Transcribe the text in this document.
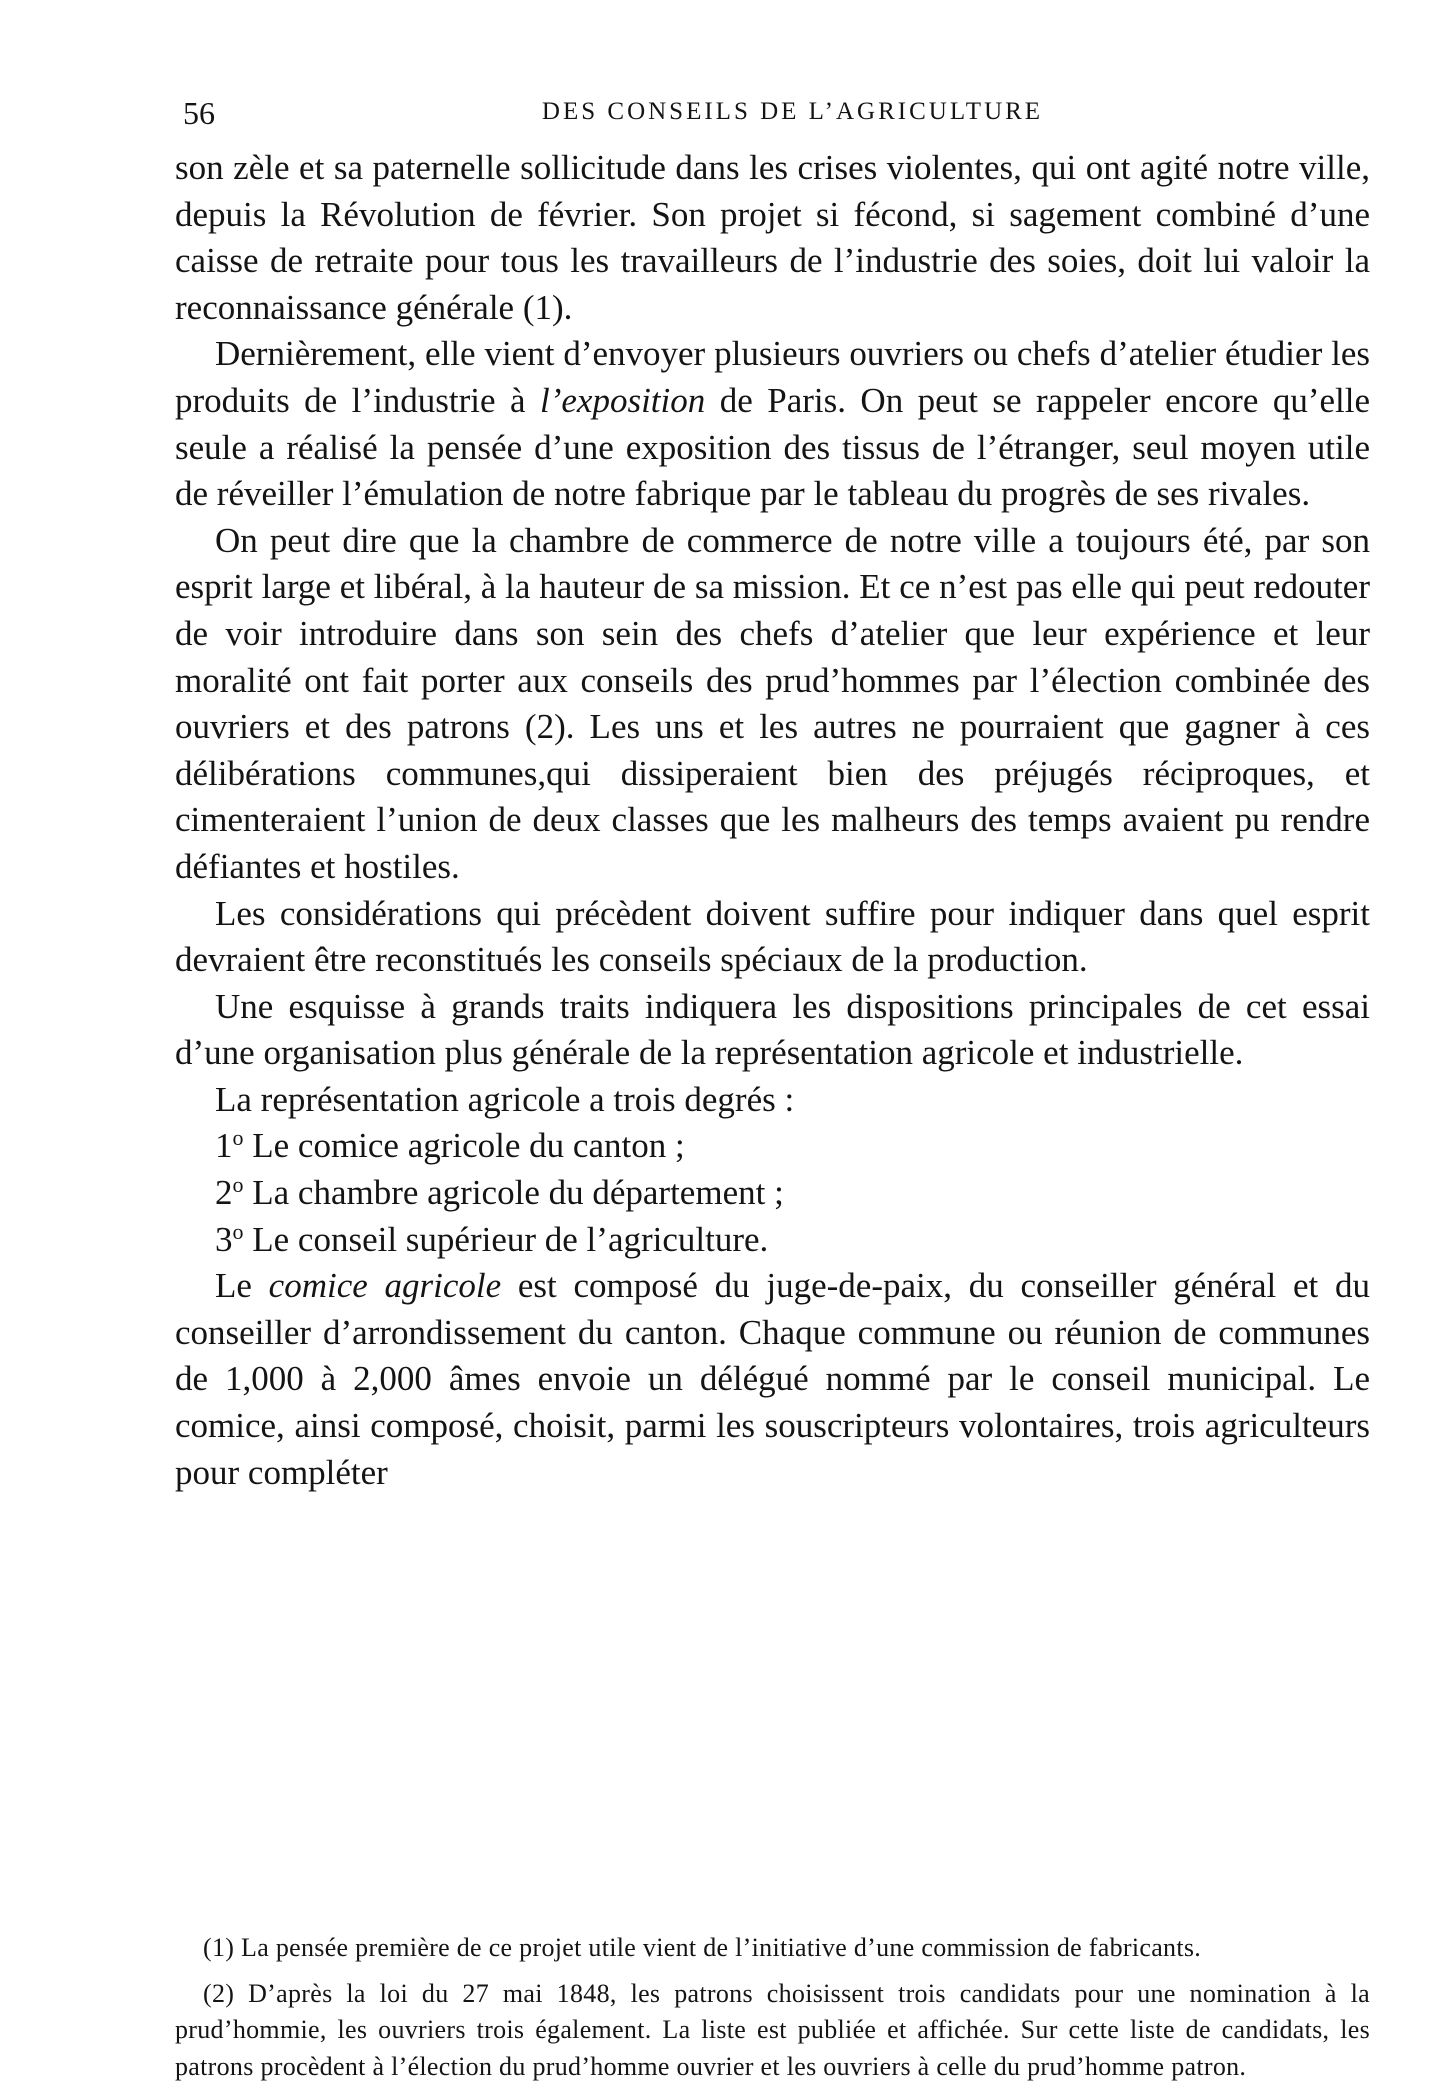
56	DES CONSEILS DE L’AGRICULTURE

son zèle et sa paternelle sollicitude dans les crises violentes, qui ont agité notre ville, depuis la Révolution de février. Son projet si fécond, si sagement combiné d’une caisse de retraite pour tous les travailleurs de l’industrie des soies, doit lui valoir la reconnaissance générale (1).

Dernièrement, elle vient d’envoyer plusieurs ouvriers ou chefs d’atelier étudier les produits de l’industrie à l’exposition de Paris. On peut se rappeler encore qu’elle seule a réalisé la pensée d’une exposition des tissus de l’étranger, seul moyen utile de réveiller l’émulation de notre fabrique par le tableau du progrès de ses rivales.

On peut dire que la chambre de commerce de notre ville a toujours été, par son esprit large et libéral, à la hauteur de sa mission. Et ce n’est pas elle qui peut redouter de voir introduire dans son sein des chefs d’atelier que leur expérience et leur moralité ont fait porter aux conseils des prud’hommes par l’élection combinée des ouvriers et des patrons (2). Les uns et les autres ne pourraient que gagner à ces délibérations communes,qui dissiperaient bien des préjugés réciproques, et cimenteraient l’union de deux classes que les malheurs des temps avaient pu rendre défiantes et hostiles.

Les considérations qui précèdent doivent suffire pour indiquer dans quel esprit devraient être reconstitués les conseils spéciaux de la production.

Une esquisse à grands traits indiquera les dispositions principales de cet essai d’une organisation plus générale de la représentation agricole et industrielle.

La représentation agricole a trois degrés :

1$^o$ Le comice agricole du canton ;

2$^o$ La chambre agricole du département ;

3$^o$ Le conseil supérieur de l’agriculture.

Le comice agricole est composé du juge-de-paix, du conseiller général et du conseiller d’arrondissement du canton. Chaque commune ou réunion de communes de 1,000 à 2,000 âmes envoie un délégué nommé par le conseil municipal. Le comice, ainsi composé, choisit, parmi les souscripteurs volontaires, trois agriculteurs pour compléter

(1) La pensée première de ce projet utile vient de l’initiative d’une commission de fabricants.

(2) D’après la loi du 27 mai 1848, les patrons choisissent trois candidats pour une nomination à la prud’hommie, les ouvriers trois également. La liste est publiée et affichée. Sur cette liste de candidats, les patrons procèdent à l’élection du prud’homme ouvrier et les ouvriers à celle du prud’homme patron.
